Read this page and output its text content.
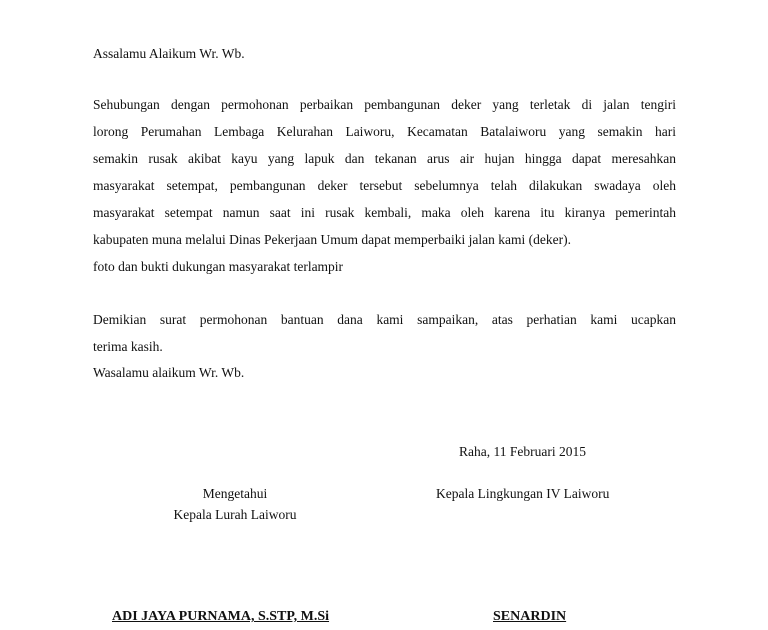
Assalamu Alaikum Wr. Wb.
Sehubungan dengan permohonan perbaikan pembangunan deker yang terletak di jalan tengiri
lorong Perumahan Lembaga Kelurahan Laiworu, Kecamatan Batalaiworu yang semakin hari
semakin rusak akibat kayu yang lapuk dan tekanan arus air hujan hingga dapat meresahkan
masyarakat setempat, pembangunan deker tersebut sebelumnya telah dilakukan swadaya oleh
masyarakat setempat namun saat ini rusak kembali, maka oleh karena itu kiranya pemerintah
kabupaten muna melalui Dinas Pekerjaan Umum dapat memperbaiki jalan kami (deker).
foto dan bukti dukungan masyarakat terlampir
Demikian surat permohonan bantuan dana kami sampaikan, atas perhatian kami ucapkan
terima kasih.
Wasalamu alaikum Wr. Wb.
Raha, 11 Februari 2015
Mengetahui
Kepala Lurah Laiworu
Kepala Lingkungan IV Laiworu
ADI JAYA PURNAMA, S.STP, M.Si	SENARDIN
